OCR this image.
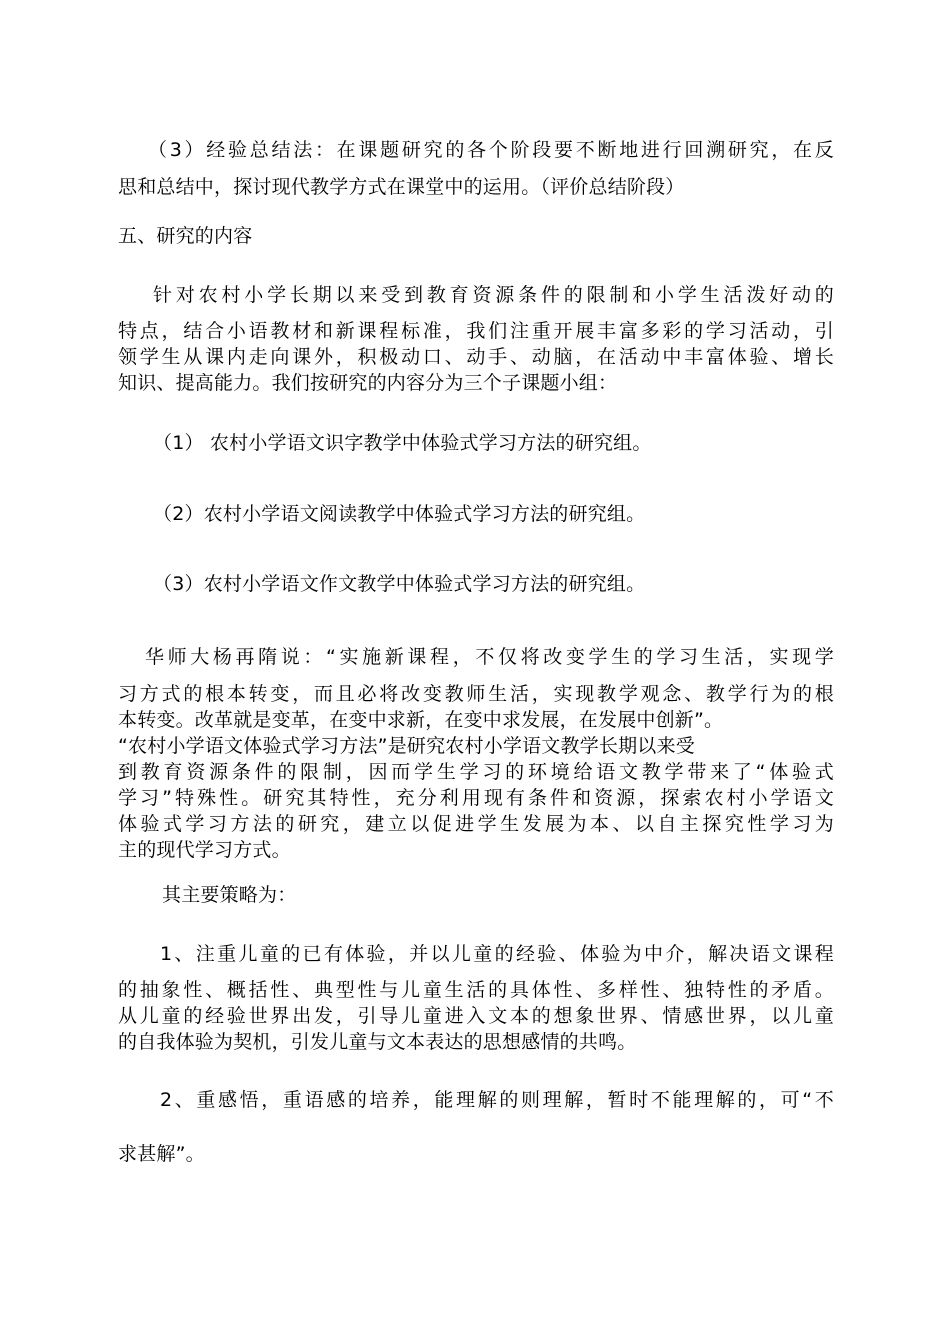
（3）经验总结法：在课题研究的各个阶段要不断地进行回溯研究，在反
思和总结中，探讨现代教学方式在课堂中的运用。（评价总结阶段）
五、研究的内容
针对农村小学长期以来受到教育资源条件的限制和小学生活泼好动的
特点，结合小语教材和新课程标准，我们注重开展丰富多彩的学习活动，引
领学生从课内走向课外，积极动口、动手、动脑，在活动中丰富体验、增长
知识、提高能力。我们按研究的内容分为三个子课题小组：
（1） 农村小学语文识字教学中体验式学习方法的研究组。
（2）农村小学语文阅读教学中体验式学习方法的研究组。
（3）农村小学语文作文教学中体验式学习方法的研究组。
华师大杨再隋说：“实施新课程，不仅将改变学生的学习生活，实现学
习方式的根本转变，而且必将改变教师生活，实现教学观念、教学行为的根
本转变。改革就是变革，在变中求新，在变中求发展，在发展中创新”。
“农村小学语文体验式学习方法”是研究农村小学语文教学长期以来受
到教育资源条件的限制，因而学生学习的环境给语文教学带来了“体验式
学习”特殊性。研究其特性，充分利用现有条件和资源，探索农村小学语文
体验式学习方法的研究，建立以促进学生发展为本、以自主探究性学习为
主的现代学习方式。
其主要策略为：
1、注重儿童的已有体验，并以儿童的经验、体验为中介，解决语文课程
的抽象性、概括性、典型性与儿童生活的具体性、多样性、独特性的矛盾。
从儿童的经验世界出发，引导儿童进入文本的想象世界、情感世界，以儿童
的自我体验为契机，引发儿童与文本表达的思想感情的共鸣。
2、重感悟，重语感的培养，能理解的则理解，暂时不能理解的，可“不
求甚解”。
